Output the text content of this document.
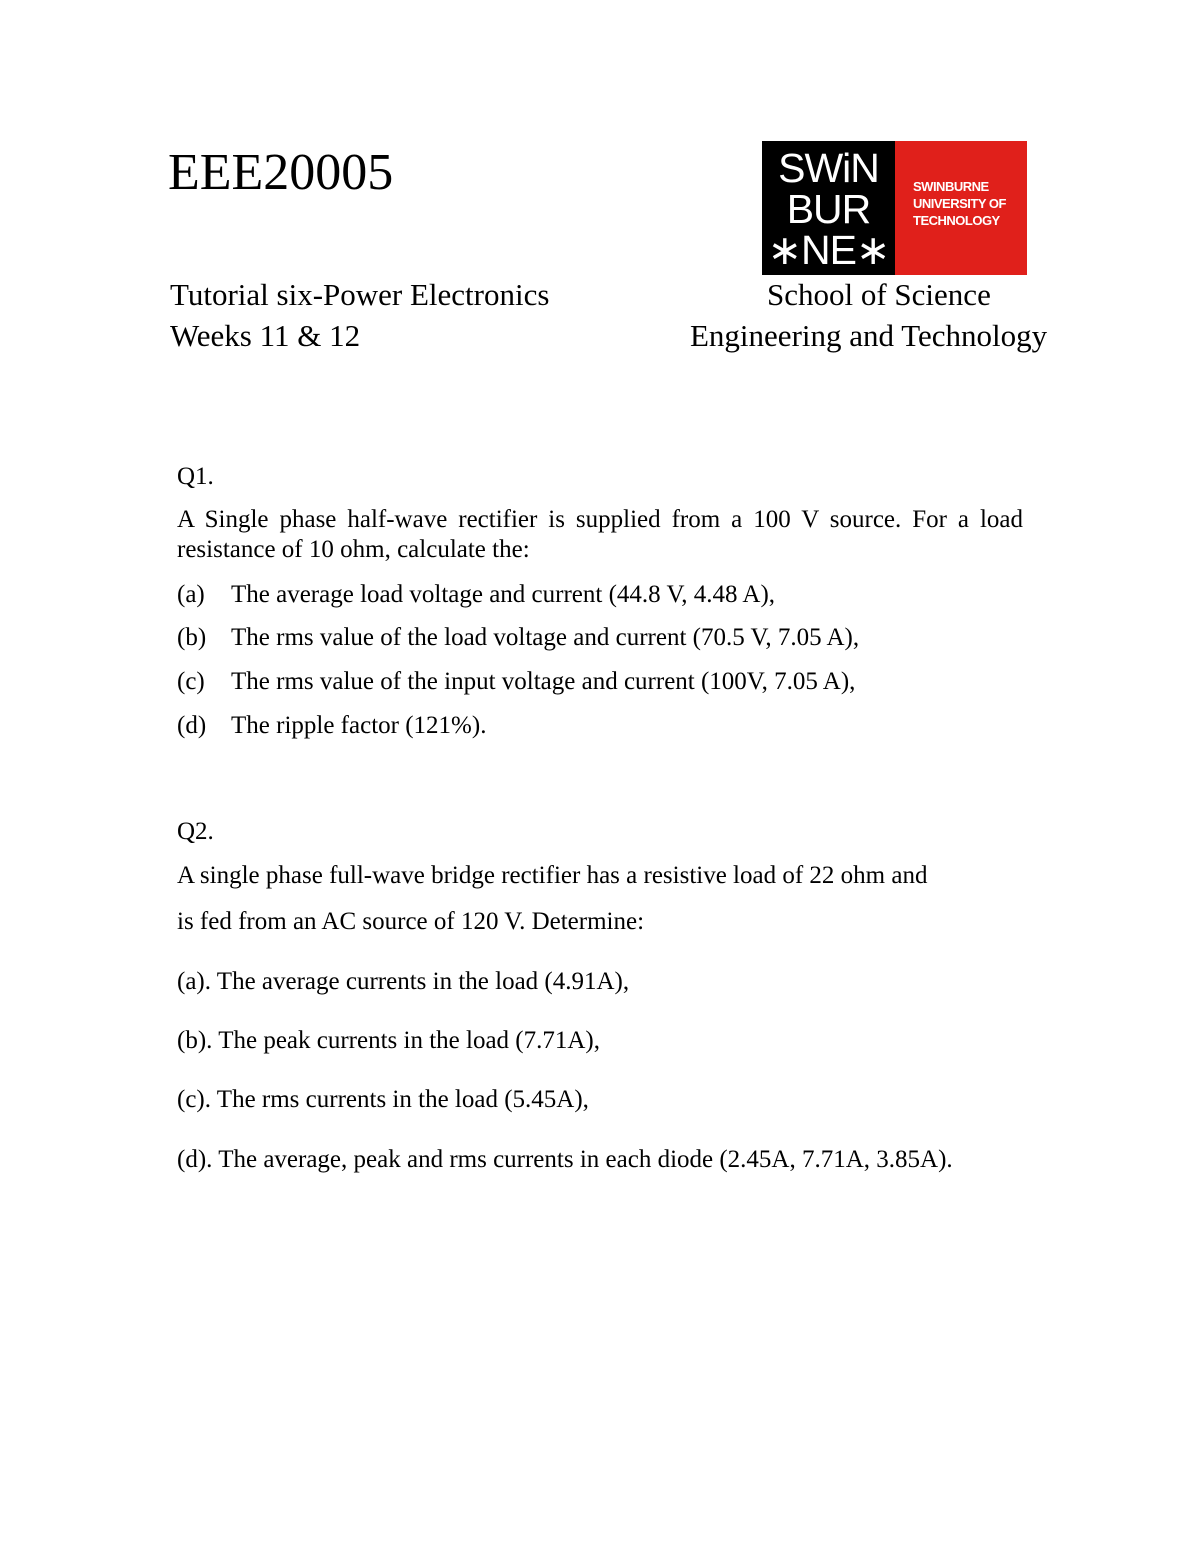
EEE20005	SWiN
BUR
∗NE∗
SWINBURNE
UNIVERSITY OF
TECHNOLOGY
Tutorial six-Power Electronics
Weeks 11 & 12
School of Science
Engineering and Technology
Q1.
A Single phase half-wave rectifier is supplied from a 100 V source. For a load resistance of 10 ohm, calculate the:
(a) The average load voltage and current (44.8 V, 4.48 A),
(b) The rms value of the load voltage and current (70.5 V, 7.05 A),
(c) The rms value of the input voltage and current (100V, 7.05 A),
(d) The ripple factor (121%).
Q2.
A single phase full-wave bridge rectifier has a resistive load of 22 ohm and
is fed from an AC source of 120 V. Determine:
(a). The average currents in the load (4.91A),
(b). The peak currents in the load (7.71A),
(c). The rms currents in the load (5.45A),
(d). The average, peak and rms currents in each diode (2.45A, 7.71A, 3.85A).
